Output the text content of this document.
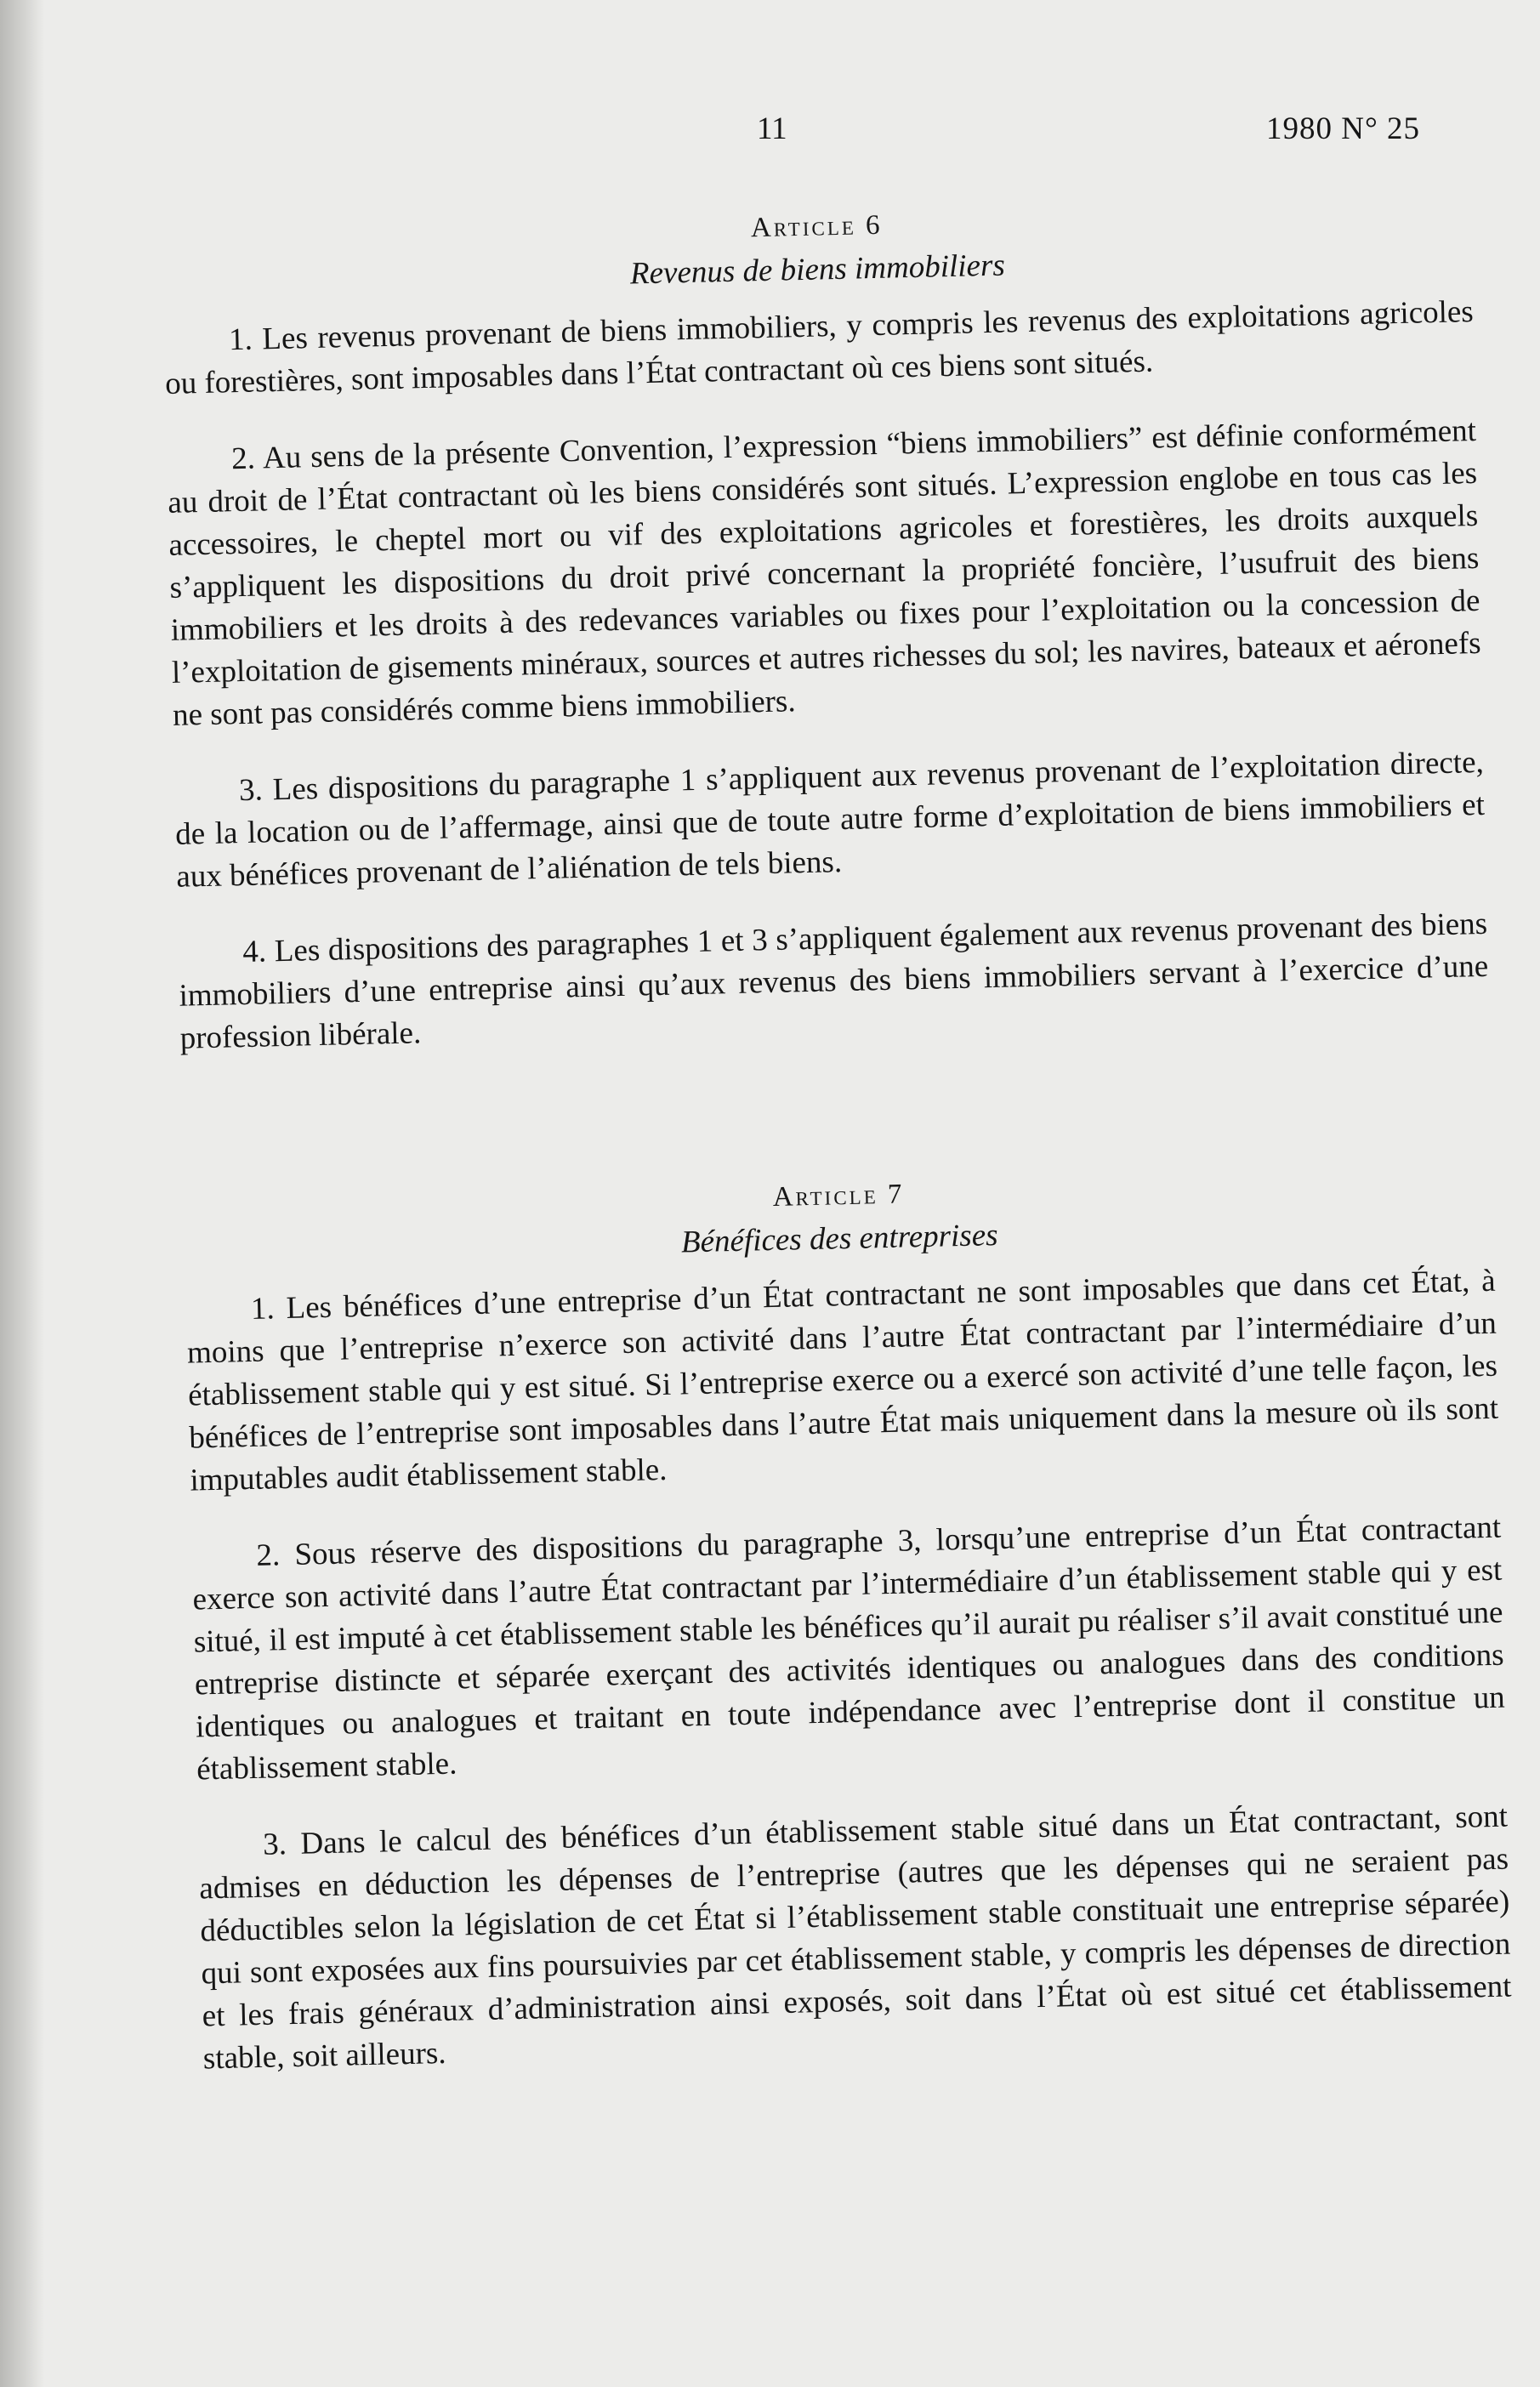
11	1980 N° 25
Article 6
Revenus de biens immobiliers

1. Les revenus provenant de biens immobiliers, y compris les revenus des exploitations agricoles ou forestières, sont imposables dans l’État contractant où ces biens sont situés.

2. Au sens de la présente Convention, l’expression “biens immobiliers” est définie conformément au droit de l’État contractant où les biens considérés sont situés. L’expression englobe en tous cas les accessoires, le cheptel mort ou vif des exploitations agricoles et forestières, les droits auxquels s’appliquent les dispositions du droit privé concernant la propriété foncière, l’usufruit des biens immobiliers et les droits à des redevances variables ou fixes pour l’exploitation ou la concession de l’exploitation de gisements minéraux, sources et autres richesses du sol; les navires, bateaux et aéronefs ne sont pas considérés comme biens immobiliers.

3. Les dispositions du paragraphe 1 s’appliquent aux revenus provenant de l’exploitation directe, de la location ou de l’affermage, ainsi que de toute autre forme d’exploitation de biens immobiliers et aux bénéfices provenant de l’aliénation de tels biens.

4. Les dispositions des paragraphes 1 et 3 s’appliquent également aux revenus provenant des biens immobiliers d’une entreprise ainsi qu’aux revenus des biens immobiliers servant à l’exercice d’une profession libérale.

Article 7
Bénéfices des entreprises

1. Les bénéfices d’une entreprise d’un État contractant ne sont imposables que dans cet État, à moins que l’entreprise n’exerce son activité dans l’autre État contractant par l’intermédiaire d’un établissement stable qui y est situé. Si l’entreprise exerce ou a exercé son activité d’une telle façon, les bénéfices de l’entreprise sont imposables dans l’autre État mais uniquement dans la mesure où ils sont imputables audit établissement stable.

2. Sous réserve des dispositions du paragraphe 3, lorsqu’une entreprise d’un État contractant exerce son activité dans l’autre État contractant par l’intermédiaire d’un établissement stable qui y est situé, il est imputé à cet établissement stable les bénéfices qu’il aurait pu réaliser s’il avait constitué une entreprise distincte et séparée exerçant des activités identiques ou analogues dans des conditions identiques ou analogues et traitant en toute indépendance avec l’entreprise dont il constitue un établissement stable.

3. Dans le calcul des bénéfices d’un établissement stable situé dans un État contractant, sont admises en déduction les dépenses de l’entreprise (autres que les dépenses qui ne seraient pas déductibles selon la législation de cet État si l’établissement stable constituait une entreprise séparée) qui sont exposées aux fins poursuivies par cet établissement stable, y compris les dépenses de direction et les frais généraux d’administration ainsi exposés, soit dans l’État où est situé cet établissement stable, soit ailleurs.
